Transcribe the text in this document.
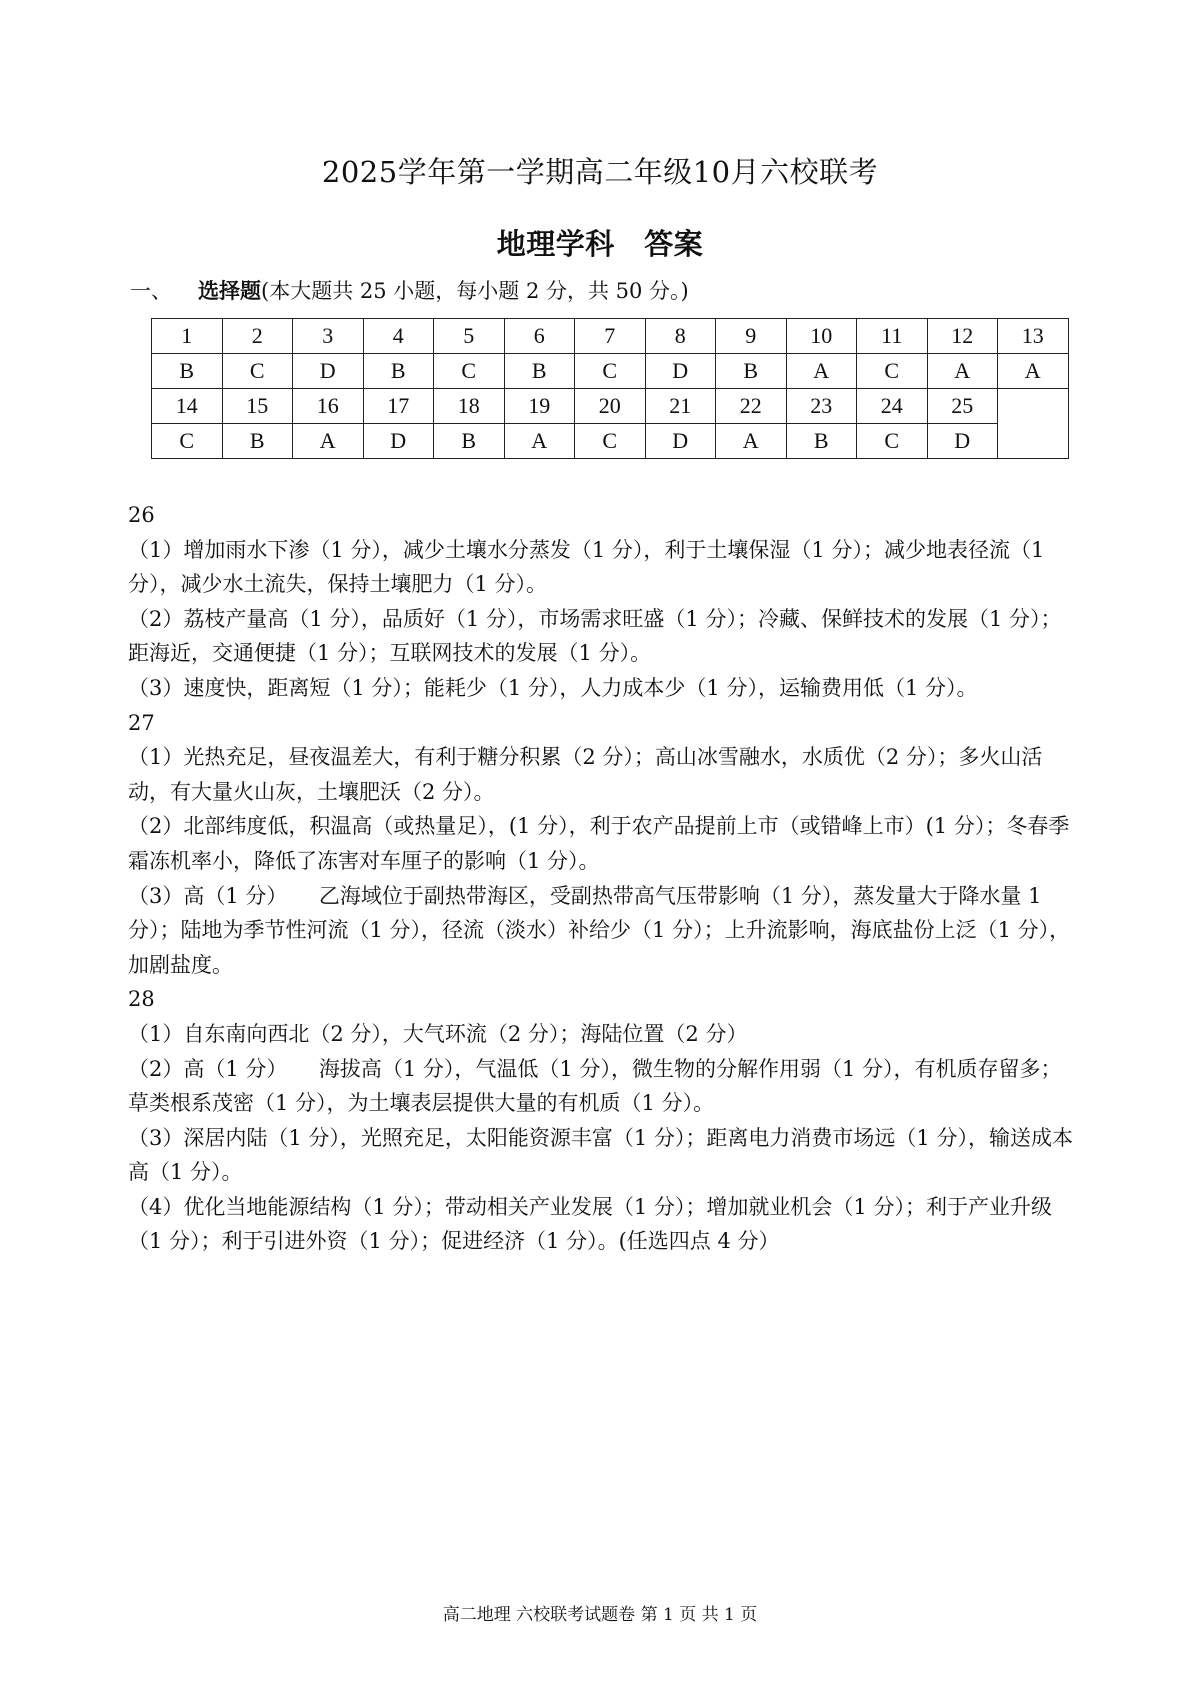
2025学年第一学期高二年级10月六校联考
地理学科　答案
一、 选择题(本大题共 25 小题，每小题 2 分，共 50 分。)
1	2	3	4	5	6	7	8	9	10	11	12	13
B	C	D	B	C	B	C	D	B	A	C	A	A
14	15	16	17	18	19	20	21	22	23	24	25	
C	B	A	D	B	A	C	D	A	B	C	D	

26

（1）增加雨水下渗（1 分），减少土壤水分蒸发（1 分），利于土壤保湿（1 分）；减少地表径流（1 分），减少水土流失，保持土壤肥力（1 分）。

（2）荔枝产量高（1 分），品质好（1 分），市场需求旺盛（1 分）；冷藏、保鲜技术的发展（1 分）；距海近，交通便捷（1 分）；互联网技术的发展（1 分）。

（3）速度快，距离短（1 分）；能耗少（1 分），人力成本少（1 分），运输费用低（1 分）。

27

（1）光热充足，昼夜温差大，有利于糖分积累（2 分）；高山冰雪融水，水质优（2 分）；多火山活动，有大量火山灰，土壤肥沃（2 分）。

（2）北部纬度低，积温高（或热量足），(1 分），利于农产品提前上市（或错峰上市）(1 分）；冬春季霜冻机率小，降低了冻害对车厘子的影响（1 分）。

（3）高（1 分）　　乙海域位于副热带海区，受副热带高气压带影响（1 分），蒸发量大于降水量 1 分）；陆地为季节性河流（1 分），径流（淡水）补给少（1 分）；上升流影响，海底盐份上泛（1 分），加剧盐度。

28

（1）自东南向西北（2 分），大气环流（2 分）；海陆位置（2 分）

（2）高（1 分）　　海拔高（1 分），气温低（1 分），微生物的分解作用弱（1 分），有机质存留多；草类根系茂密（1 分），为土壤表层提供大量的有机质（1 分）。

（3）深居内陆（1 分），光照充足，太阳能资源丰富（1 分）；距离电力消费市场远（1 分），输送成本高（1 分）。

（4）优化当地能源结构（1 分）；带动相关产业发展（1 分）；增加就业机会（1 分）；利于产业升级（1 分）；利于引进外资（1 分）；促进经济（1 分）。(任选四点 4 分）

高二地理 六校联考试题卷 第 1 页 共 1 页
